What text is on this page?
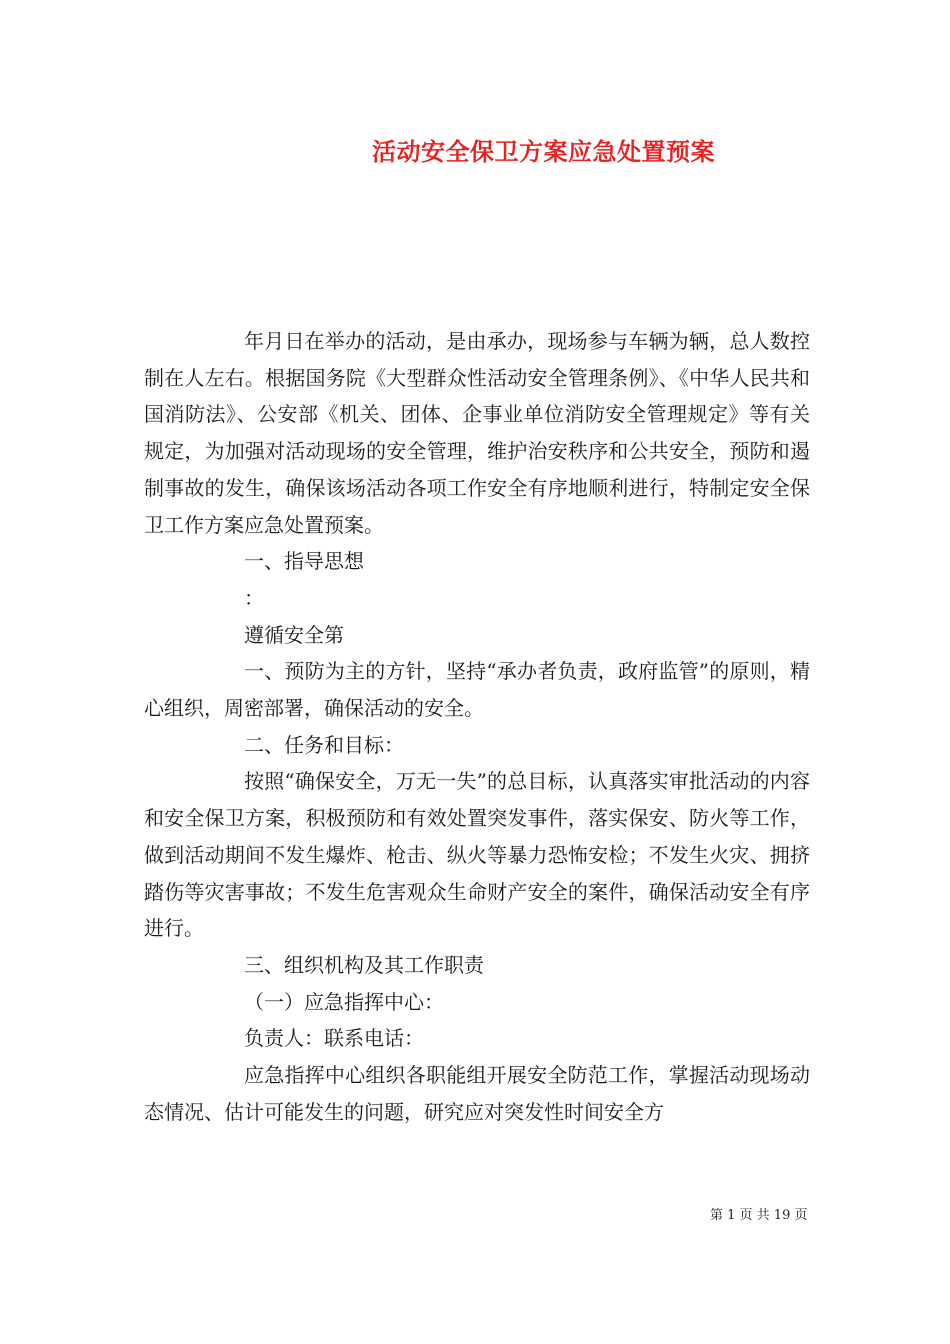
活动安全保卫方案应急处置预案

年月日在举办的活动，是由承办，现场参与车辆为辆，总人数控制在人左右。根据国务院《大型群众性活动安全管理条例》、《中华人民共和国消防法》、公安部《机关、团体、企事业单位消防安全管理规定》等有关规定，为加强对活动现场的安全管理，维护治安秩序和公共安全，预防和遏制事故的发生，确保该场活动各项工作安全有序地顺利进行，特制定安全保卫工作方案应急处置预案。

一、指导思想

：

遵循安全第

一、预防为主的方针，坚持“承办者负责，政府监管”的原则，精心组织，周密部署，确保活动的安全。

二、任务和目标：

按照“确保安全，万无一失”的总目标，认真落实审批活动的内容和安全保卫方案，积极预防和有效处置突发事件，落实保安、防火等工作，做到活动期间不发生爆炸、枪击、纵火等暴力恐怖安检；不发生火灾、拥挤踏伤等灾害事故；不发生危害观众生命财产安全的案件，确保活动安全有序进行。

三、组织机构及其工作职责

（一）应急指挥中心：

负责人：联系电话：

应急指挥中心组织各职能组开展安全防范工作，掌握活动现场动态情况、估计可能发生的问题，研究应对突发性时间安全方

第 1 页 共 19 页
